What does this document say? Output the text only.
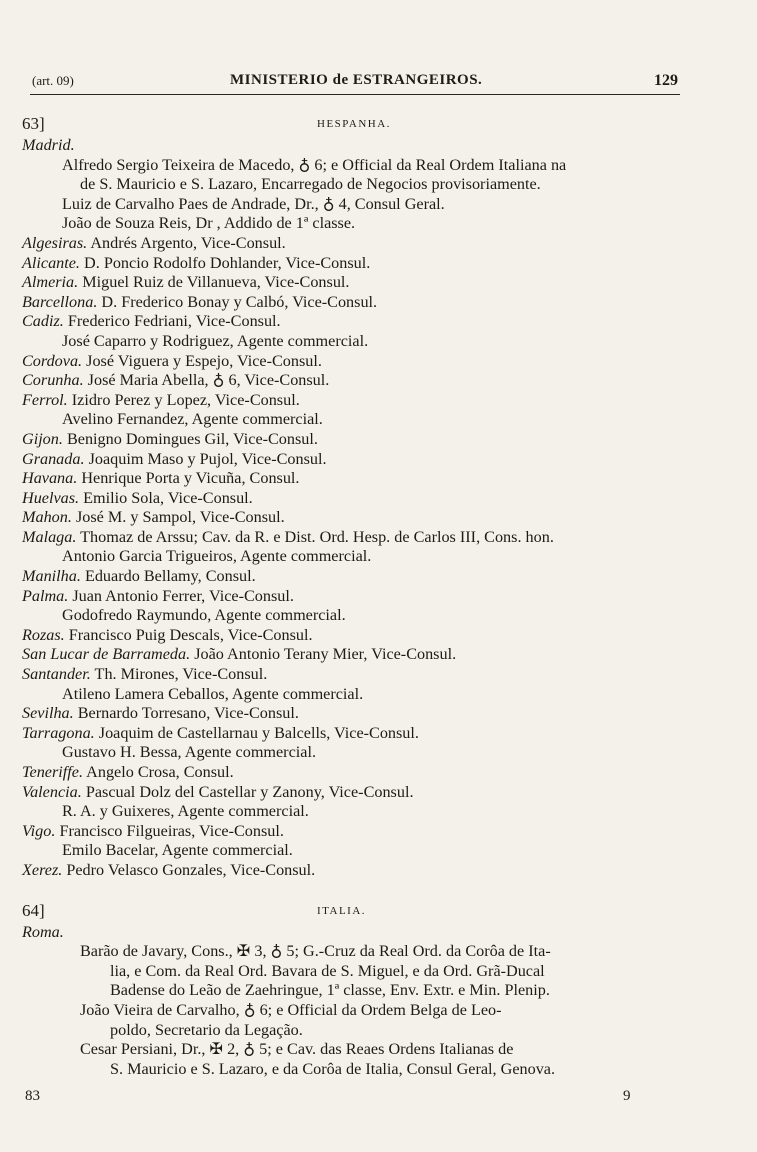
(art. 09)	MINISTERIO de ESTRANGEIROS.	129
63]	HESPANHA.
Madrid.
Alfredo Sergio Teixeira de Macedo, ♁ 6; e Official da Real Ordem Italiana na
de S. Mauricio e S. Lazaro, Encarregado de Negocios provisoriamente.
Luiz de Carvalho Paes de Andrade, Dr., ♁ 4, Consul Geral.
João de Souza Reis, Dr , Addido de 1ª classe.
Algesiras. Andrés Argento, Vice-Consul.
Alicante. D. Poncio Rodolfo Dohlander, Vice-Consul.
Almeria. Miguel Ruiz de Villanueva, Vice-Consul.
Barcellona. D. Frederico Bonay y Calbó, Vice-Consul.
Cadiz. Frederico Fedriani, Vice-Consul.
José Caparro y Rodriguez, Agente commercial.
Cordova. José Viguera y Espejo, Vice-Consul.
Corunha. José Maria Abella, ♁ 6, Vice-Consul.
Ferrol. Izidro Perez y Lopez, Vice-Consul.
Avelino Fernandez, Agente commercial.
Gijon. Benigno Domingues Gil, Vice-Consul.
Granada. Joaquim Maso y Pujol, Vice-Consul.
Havana. Henrique Porta y Vicuña, Consul.
Huelvas. Emilio Sola, Vice-Consul.
Mahon. José M. y Sampol, Vice-Consul.
Malaga. Thomaz de Arssu; Cav. da R. e Dist. Ord. Hesp. de Carlos III, Cons. hon.
Antonio Garcia Trigueiros, Agente commercial.
Manilha. Eduardo Bellamy, Consul.
Palma. Juan Antonio Ferrer, Vice-Consul.
Godofredo Raymundo, Agente commercial.
Rozas. Francisco Puig Descals, Vice-Consul.
San Lucar de Barrameda. João Antonio Terany Mier, Vice-Consul.
Santander. Th. Mirones, Vice-Consul.
Atileno Lamera Ceballos, Agente commercial.
Sevilha. Bernardo Torresano, Vice-Consul.
Tarragona. Joaquim de Castellarnau y Balcells, Vice-Consul.
Gustavo H. Bessa, Agente commercial.
Teneriffe. Angelo Crosa, Consul.
Valencia. Pascual Dolz del Castellar y Zanony, Vice-Consul.
R. A. y Guixeres, Agente commercial.
Vigo. Francisco Filgueiras, Vice-Consul.
Emilo Bacelar, Agente commercial.
Xerez. Pedro Velasco Gonzales, Vice-Consul.
64]	ITALIA.
Roma.
Barão de Javary, Cons., ✠ 3, ♁ 5; G.-Cruz da Real Ord. da Corôa de Ita-
lia, e Com. da Real Ord. Bavara de S. Miguel, e da Ord. Grã-Ducal
Badense do Leão de Zaehringue, 1ª classe, Env. Extr. e Min. Plenip.
João Vieira de Carvalho, ♁ 6; e Official da Ordem Belga de Leo-
poldo, Secretario da Legação.
Cesar Persiani, Dr., ✠ 2, ♁ 5; e Cav. das Reaes Ordens Italianas de
S. Mauricio e S. Lazaro, e da Corôa de Italia, Consul Geral, Genova.
83	9
